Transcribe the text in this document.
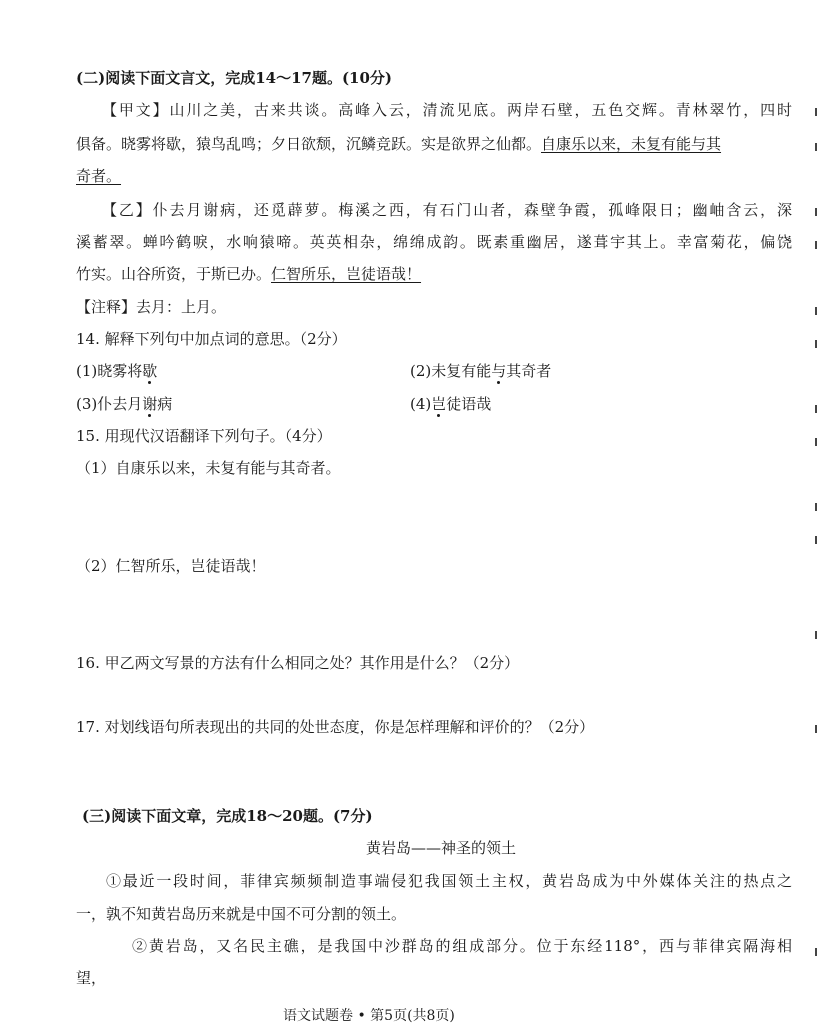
(二)阅读下面文言文，完成14～17题。(10分)
【甲文】山川之美，古来共谈。高峰入云，清流见底。两岸石壁，五色交辉。青林翠竹，四时
俱备。晓雾将歇，猿鸟乱鸣；夕日欲颓，沉鳞竞跃。实是欲界之仙都。自康乐以来，未复有能与其
奇者。
【乙】仆去月谢病，还觅薜萝。梅溪之西，有石门山者，森壁争霞，孤峰限日；幽岫含云，深
溪蓄翠。蝉吟鹤唳，水响猿啼。英英相杂，绵绵成韵。既素重幽居，遂葺宇其上。幸富菊花，偏饶
竹实。山谷所资，于斯已办。仁智所乐，岂徒语哉！
【注释】去月：上月。
14. 解释下列句中加点词的意思。（2分）
(1)晓雾将歇	(2)未复有能与其奇者
(3)仆去月谢病	(4)岂徒语哉
15. 用现代汉语翻译下列句子。（4分）
（1）自康乐以来，未复有能与其奇者。
（2）仁智所乐，岂徒语哉！
16. 甲乙两文写景的方法有什么相同之处？其作用是什么？（2分）
17. 对划线语句所表现出的共同的处世态度，你是怎样理解和评价的？（2分）
(三)阅读下面文章，完成18～20题。(7分)
黄岩岛——神圣的领土
①最近一段时间，菲律宾频频制造事端侵犯我国领土主权，黄岩岛成为中外媒体关注的热点之
一，孰不知黄岩岛历来就是中国不可分割的领土。
②黄岩岛，又名民主礁，是我国中沙群岛的组成部分。位于东经118°，西与菲律宾隔海相
望，
语文试题卷 • 第5页(共8页)
